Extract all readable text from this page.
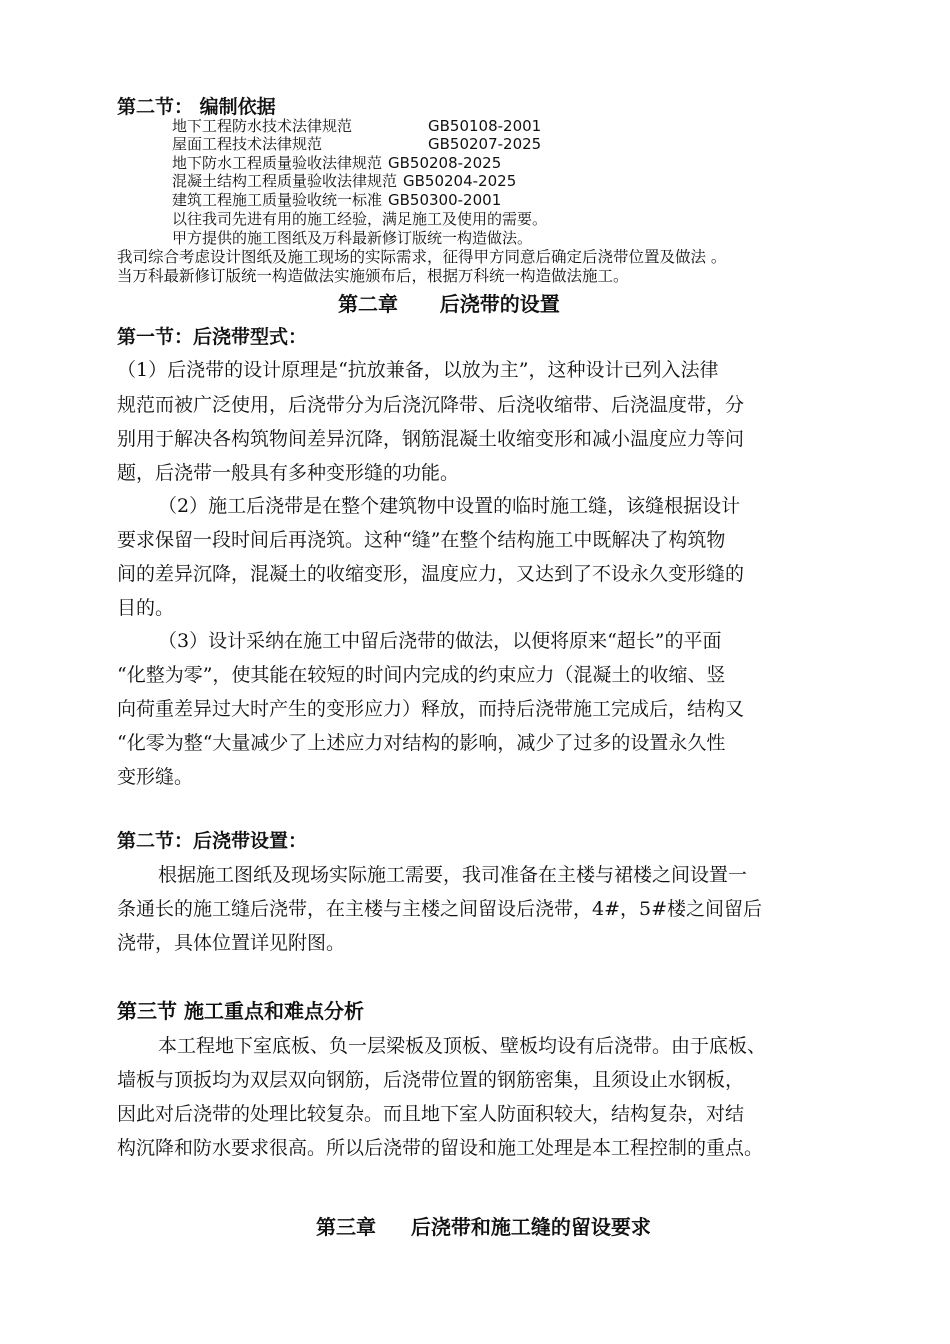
第二节： 编制依据
地下工程防水技术法律规范	GB50108-2001
屋面工程技术法律规范	GB50207-2025
地下防水工程质量验收法律规范 GB50208-2025
混凝土结构工程质量验收法律规范 GB50204-2025
建筑工程施工质量验收统一标准 GB50300-2001
以往我司先进有用的施工经验，满足施工及使用的需要。
甲方提供的施工图纸及万科最新修订版统一构造做法。
我司综合考虑设计图纸及施工现场的实际需求，征得甲方同意后确定后浇带位置及做法 。
当万科最新修订版统一构造做法实施颁布后，根据万科统一构造做法施工。
第二章      后浇带的设置
第一节：后浇带型式：
（1）后浇带的设计原理是“抗放兼备，以放为主”，这种设计已列入法律
规范而被广泛使用，后浇带分为后浇沉降带、后浇收缩带、后浇温度带，分
别用于解决各构筑物间差异沉降，钢筋混凝土收缩变形和减小温度应力等问
题，后浇带一般具有多种变形缝的功能。
（2）施工后浇带是在整个建筑物中设置的临时施工缝，该缝根据设计
要求保留一段时间后再浇筑。这种“缝”在整个结构施工中既解决了构筑物
间的差异沉降，混凝土的收缩变形，温度应力，又达到了不设永久变形缝的
目的。
（3）设计采纳在施工中留后浇带的做法，以便将原来“超长”的平面
“化整为零”，使其能在较短的时间内完成的约束应力（混凝土的收缩、竖
向荷重差异过大时产生的变形应力）释放，而持后浇带施工完成后，结构又
“化零为整“大量减少了上述应力对结构的影响，减少了过多的设置永久性
变形缝。
第二节：后浇带设置：
根据施工图纸及现场实际施工需要，我司准备在主楼与裙楼之间设置一
条通长的施工缝后浇带，在主楼与主楼之间留设后浇带，4#，5#楼之间留后
浇带，具体位置详见附图。
第三节 施工重点和难点分析
本工程地下室底板、负一层梁板及顶板、壁板均设有后浇带。由于底板、
墙板与顶扳均为双层双向钢筋，后浇带位置的钢筋密集，且须设止水钢板，
因此对后浇带的处理比较复杂。而且地下室人防面积较大，结构复杂，对结
构沉降和防水要求很高。所以后浇带的留设和施工处理是本工程控制的重点。
第三章     后浇带和施工缝的留设要求
